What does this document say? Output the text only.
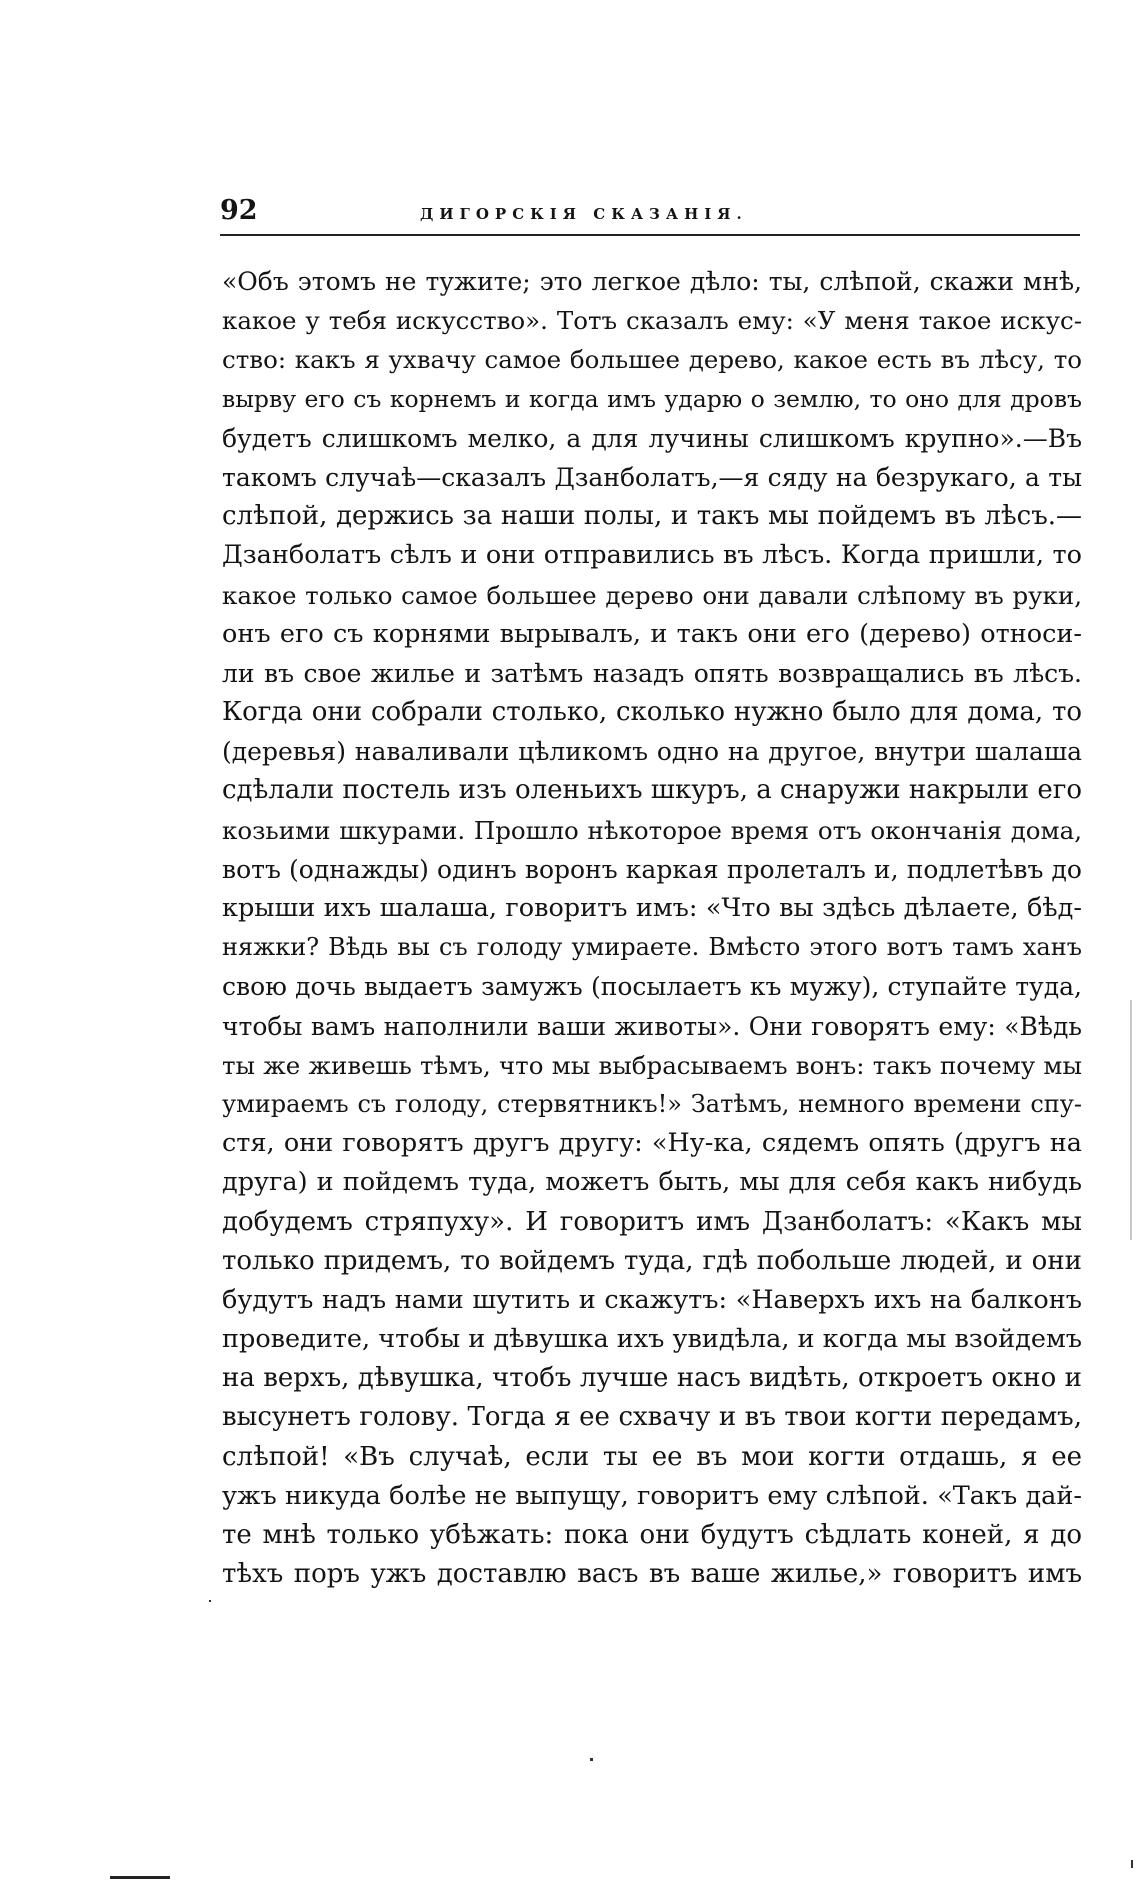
92	ДИГОРСКІЯ СКАЗАНІЯ.
«Объ этомъ не тужите; это легкое дѣло: ты, слѣпой, скажи мнѣ,
какое у тебя искусство». Тотъ сказалъ ему: «У меня такое искус-
ство: какъ я ухвачу самое большее дерево, какое есть въ лѣсу, то
вырву его съ корнемъ и когда имъ ударю о землю, то оно для дровъ
будетъ слишкомъ мелко, а для лучины слишкомъ крупно».—Въ
такомъ случаѣ—сказалъ Дзанболатъ,—я сяду на безрукаго, а ты
слѣпой, держись за наши полы, и такъ мы пойдемъ въ лѣсъ.—
Дзанболатъ сѣлъ и они отправились въ лѣсъ. Когда пришли, то
какое только самое большее дерево они давали слѣпому въ руки,
онъ его съ корнями вырывалъ, и такъ они его (дерево) относи-
ли въ свое жилье и затѣмъ назадъ опять возвращались въ лѣсъ.
Когда они собрали столько, сколько нужно было для дома, то
(деревья) наваливали цѣликомъ одно на другое, внутри шалаша
сдѣлали постель изъ оленьихъ шкуръ, а снаружи накрыли его
козьими шкурами. Прошло нѣкоторое время отъ окончанія дома,
вотъ (однажды) одинъ воронъ каркая пролеталъ и, подлетѣвъ до
крыши ихъ шалаша, говоритъ имъ: «Что вы здѣсь дѣлаете, бѣд-
няжки? Вѣдь вы съ голоду умираете. Вмѣсто этого вотъ тамъ ханъ
свою дочь выдаетъ замужъ (посылаетъ къ мужу), ступайте туда,
чтобы вамъ наполнили ваши животы». Они говорятъ ему: «Вѣдь
ты же живешь тѣмъ, что мы выбрасываемъ вонъ: такъ почему мы
умираемъ съ голоду, стервятникъ!» Затѣмъ, немного времени спу-
стя, они говорятъ другъ другу: «Ну-ка, сядемъ опять (другъ на
друга) и пойдемъ туда, можетъ быть, мы для себя какъ нибудь
добудемъ стряпуху». И говоритъ имъ Дзанболатъ: «Какъ мы
только придемъ, то войдемъ туда, гдѣ побольше людей, и они
будутъ надъ нами шутить и скажутъ: «Наверхъ ихъ на балконъ
проведите, чтобы и дѣвушка ихъ увидѣла, и когда мы взойдемъ
на верхъ, дѣвушка, чтобъ лучше насъ видѣть, откроетъ окно и
высунетъ голову. Тогда я ее схвачу и въ твои когти передамъ,
слѣпой! «Въ случаѣ, если ты ее въ мои когти отдашь, я ее
ужъ никуда болѣе не выпущу, говоритъ ему слѣпой. «Такъ дай-
те мнѣ только убѣжать: пока они будутъ сѣдлать коней, я до
тѣхъ поръ ужъ доставлю васъ въ ваше жилье,» говоритъ имъ
